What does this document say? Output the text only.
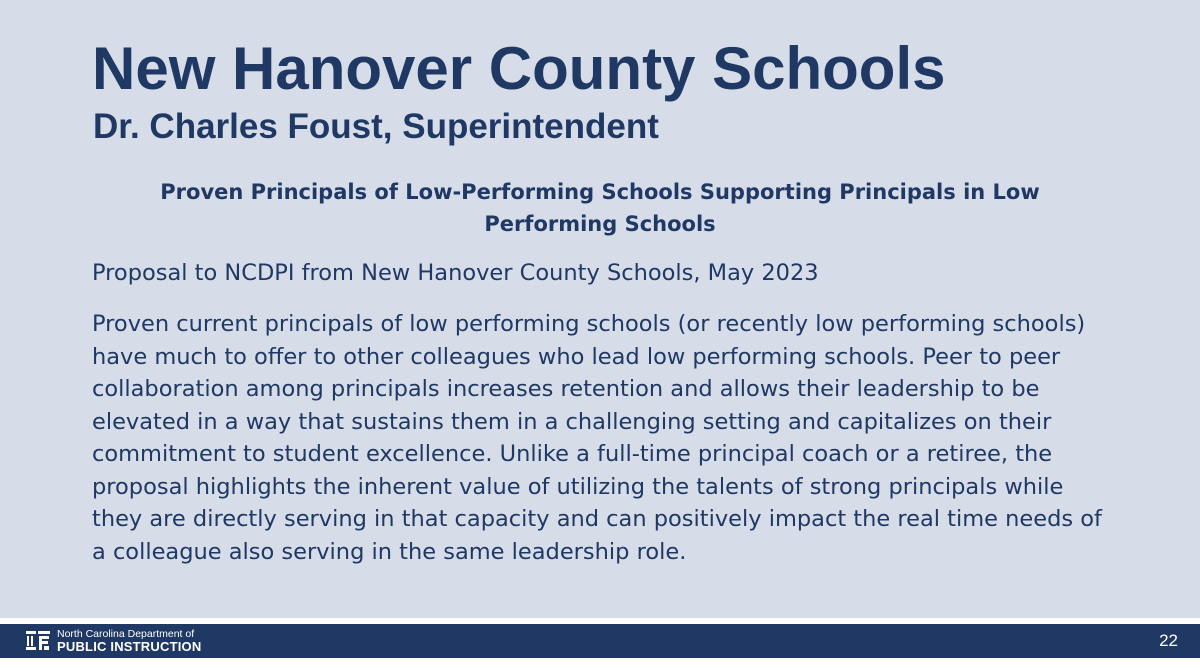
New Hanover County Schools
Dr. Charles Foust, Superintendent
Proven Principals of Low-Performing Schools Supporting Principals in Low Performing Schools
Proposal to NCDPI from New Hanover County Schools, May 2023
Proven current principals of low performing schools (or recently low performing schools) have much to offer to other colleagues who lead low performing schools. Peer to peer collaboration among principals increases retention and allows their leadership to be elevated in a way that sustains them in a challenging setting and capitalizes on their commitment to student excellence. Unlike a full-time principal coach or a retiree, the proposal highlights the inherent value of utilizing the talents of strong principals while they are directly serving in that capacity and can positively impact the real time needs of a colleague also serving in the same leadership role.
North Carolina Department of
PUBLIC INSTRUCTION	22
